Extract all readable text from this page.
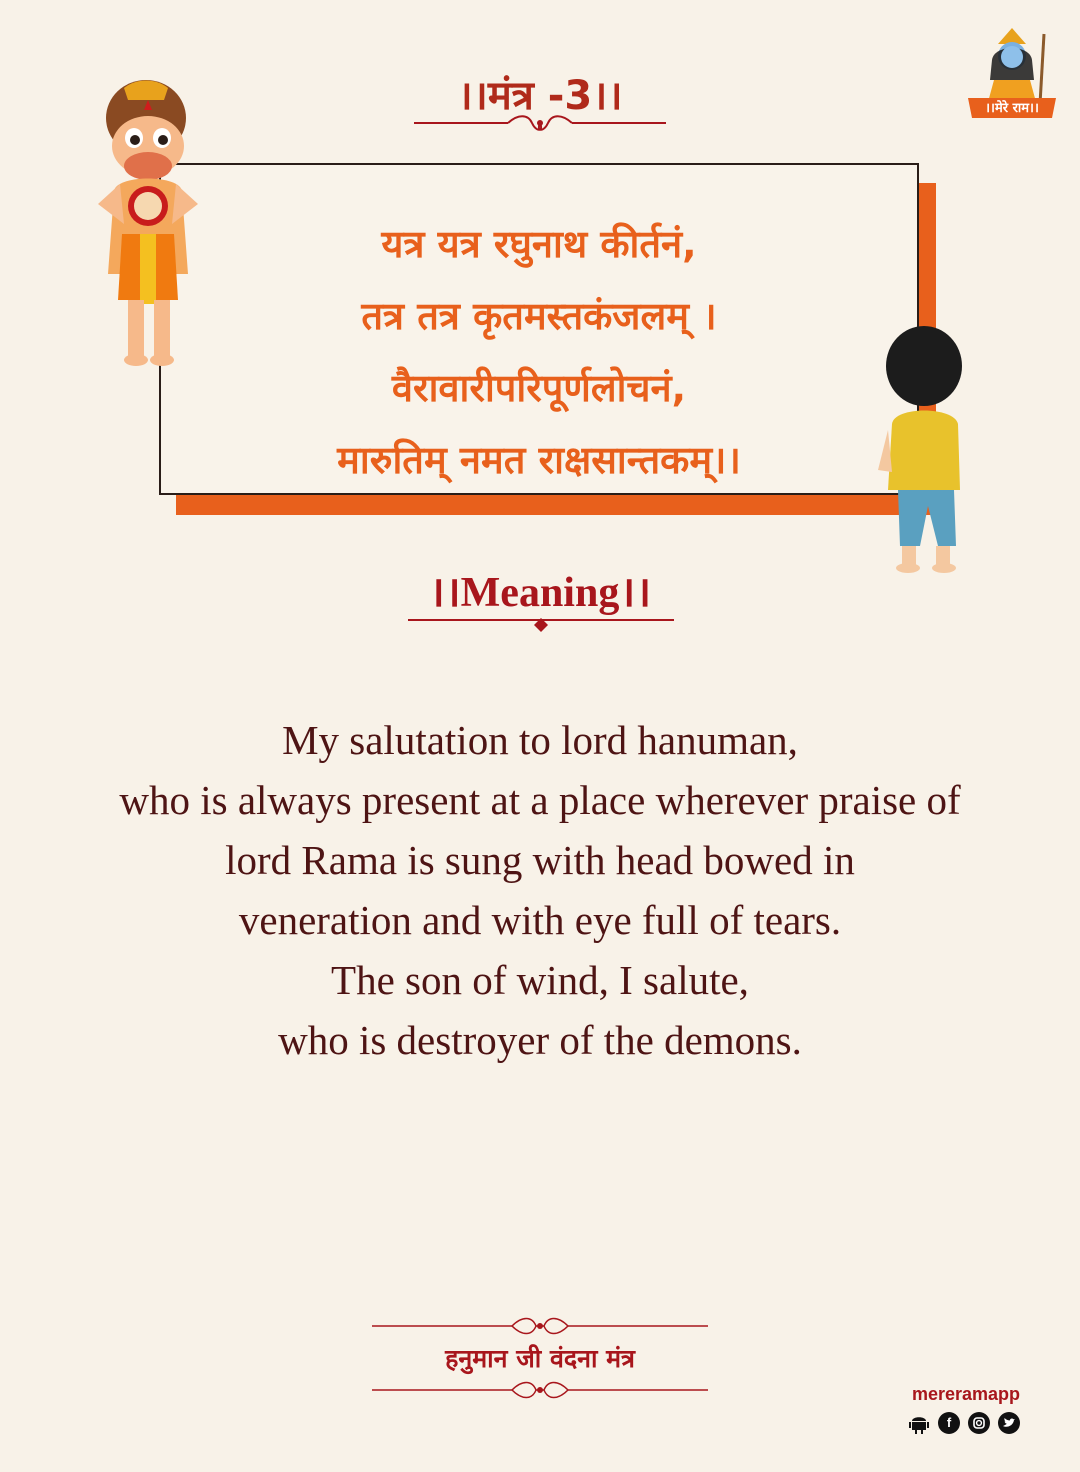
।।मंत्र -3।।	।।मेरे राम।।
यत्र यत्र रघुनाथ कीर्तनं,
तत्र तत्र कृतमस्तकंजलम् ।
वैरावारीपरिपूर्णलोचनं,
मारुतिम् नमत राक्षसान्तकम्।।
।।Meaning।।
My salutation to lord hanuman,
who is always present at a place wherever praise of
lord Rama is sung with head bowed in
veneration and with eye full of tears.
The son of wind, I salute,
who is destroyer of the demons.
हनुमान जी वंदना मंत्र
mereramapp
f
